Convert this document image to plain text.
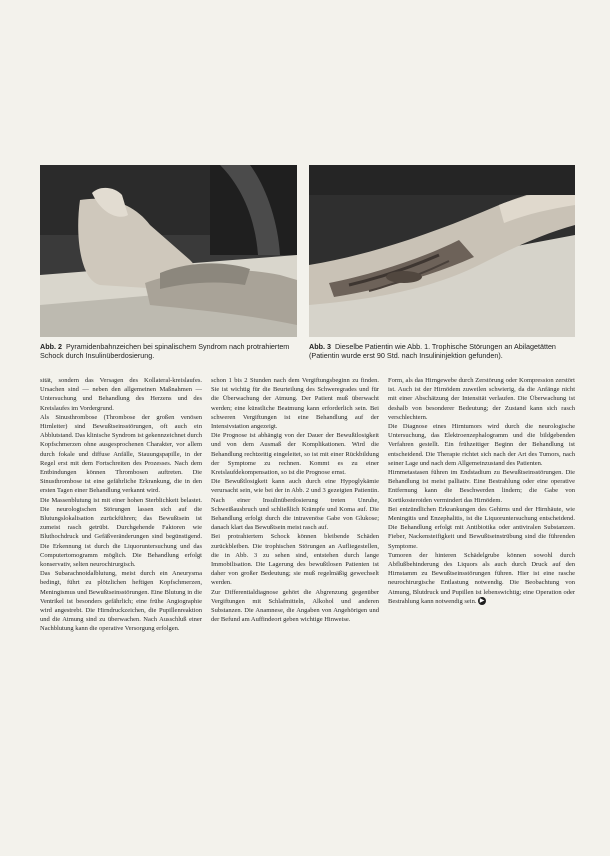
Abb. 2 Pyramidenbahnzeichen bei spinalischem Syndrom nach protrahiertem Schock durch Insulinüberdosierung.
Abb. 3 Dieselbe Patientin wie Abb. 1. Trophische Störungen an Abilagetätten (Patientin wurde erst 90 Std. nach Insulininjektion gefunden).

sität, sondern das Versagen des Kollateral-kreislaufes. Ursachen sind — neben den allgemeinen Maßnahmen — Untersuchung und Behandlung des Herzens und des Kreislaufes im Vordergrund.

Als Sinusthrombose (Thrombose der großen venösen Hirnleiter) sind Bewußtseinsstörungen, oft auch ein Abblutstand. Das klinische Syndrom ist gekennzeichnet durch Kopfschmerzen ohne ausgesprochenen Charakter, vor allem durch fokale und diffuse Anfälle, Stauungspapille, in der Regel erst mit dem Fortschreiten des Prozesses. Nach dem Entbindungen können Thrombosen auftreten. Die Sinusthrombose ist eine gefährliche Erkrankung, die in den ersten Tagen einer Behandlung verkannt wird.

Die Massenblutung ist mit einer hohen Sterblichkeit belastet. Die neurologischen Störungen lassen sich auf die Blutungslokalisation zurückführen; das Bewußtsein ist zumeist rasch getrübt. Durchgehende Faktoren wie Bluthochdruck und Gefäßveränderungen sind begünstigend. Die Erkennung ist durch die Liquoruntersuchung und das Computertomogramm möglich. Die Behandlung erfolgt konservativ, selten neurochirurgisch.

Das Subarachnoidalblutung, meist durch ein Aneurysma bedingt, führt zu plötzlichen heftigen Kopfschmerzen, Meningismus und Bewußtseinsstörungen. Eine Blutung in die Ventrikel ist besonders gefährlich; eine frühe Angiographie wird angestrebt. Die Hirndruckzeichen, die Pupillenreaktion und die Atmung sind zu überwachen. Nach Ausschluß einer Nachblutung kann die operative Versorgung erfolgen.

schon 1 bis 2 Stunden nach dem Vergiftungsbeginn zu finden. Sie ist wichtig für die Beurteilung des Schweregrades und für die Überwachung der Atmung. Der Patient muß überwacht werden; eine künstliche Beatmung kann erforderlich sein. Bei schweren Vergiftungen ist eine Behandlung auf der Intensivstation angezeigt.

Die Prognose ist abhängig von der Dauer der Bewußtlosigkeit und von dem Ausmaß der Komplikationen. Wird die Behandlung rechtzeitig eingeleitet, so ist mit einer Rückbildung der Symptome zu rechnen. Kommt es zu einer Kreislaufdekompensation, so ist die Prognose ernst.

Die Bewußtlosigkeit kann auch durch eine Hypoglykämie verursacht sein, wie bei der in Abb. 2 und 3 gezeigten Patientin. Nach einer Insulinüberdosierung treten Unruhe, Schweißausbruch und schließlich Krämpfe und Koma auf. Die Behandlung erfolgt durch die intravenöse Gabe von Glukose; danach klart das Bewußtsein meist rasch auf.

Bei protrahiertem Schock können bleibende Schäden zurückbleiben. Die trophischen Störungen an Aufliegestellen, die in Abb. 3 zu sehen sind, entstehen durch lange Immobilisation. Die Lagerung des bewußtlosen Patienten ist daher von großer Bedeutung; sie muß regelmäßig gewechselt werden.

Zur Differentialdiagnose gehört die Abgrenzung gegenüber Vergiftungen mit Schlafmitteln, Alkohol und anderen Substanzen. Die Anamnese, die Angaben von Angehörigen und der Befund am Auffindeort geben wichtige Hinweise.

Form, als das Hirngewebe durch Zerstörung oder Kompression zerstört ist. Auch ist der Hirnödem zuweilen schwierig, da die Anfänge nicht mit einer Abschätzung der Intensität verlaufen. Die Überwachung ist deshalb von besonderer Bedeutung; der Zustand kann sich rasch verschlechtern.

Die Diagnose eines Hirntumors wird durch die neurologische Untersuchung, das Elektroenzephalogramm und die bildgebenden Verfahren gestellt. Ein frühzeitiger Beginn der Behandlung ist entscheidend. Die Therapie richtet sich nach der Art des Tumors, nach seiner Lage und nach dem Allgemeinzustand des Patienten.

Hirnmetastasen führen im Endstadium zu Bewußtseinsstörungen. Die Behandlung ist meist palliativ. Eine Bestrahlung oder eine operative Entfernung kann die Beschwerden lindern; die Gabe von Kortikosteroiden vermindert das Hirnödem.

Bei entzündlichen Erkrankungen des Gehirns und der Hirnhäute, wie Meningitis und Enzephalitis, ist die Liquoruntersuchung entscheidend. Die Behandlung erfolgt mit Antibiotika oder antiviralen Substanzen. Fieber, Nackensteifigkeit und Bewußtseinstrübung sind die führenden Symptome.

Tumoren der hinteren Schädelgrube können sowohl durch Abflußbehinderung des Liquors als auch durch Druck auf den Hirnstamm zu Bewußtseinsstörungen führen. Hier ist eine rasche neurochirurgische Entlastung notwendig. Die Beobachtung von Atmung, Blutdruck und Pupillen ist lebenswichtig; eine Operation oder Bestrahlung kann notwendig sein. ▶
